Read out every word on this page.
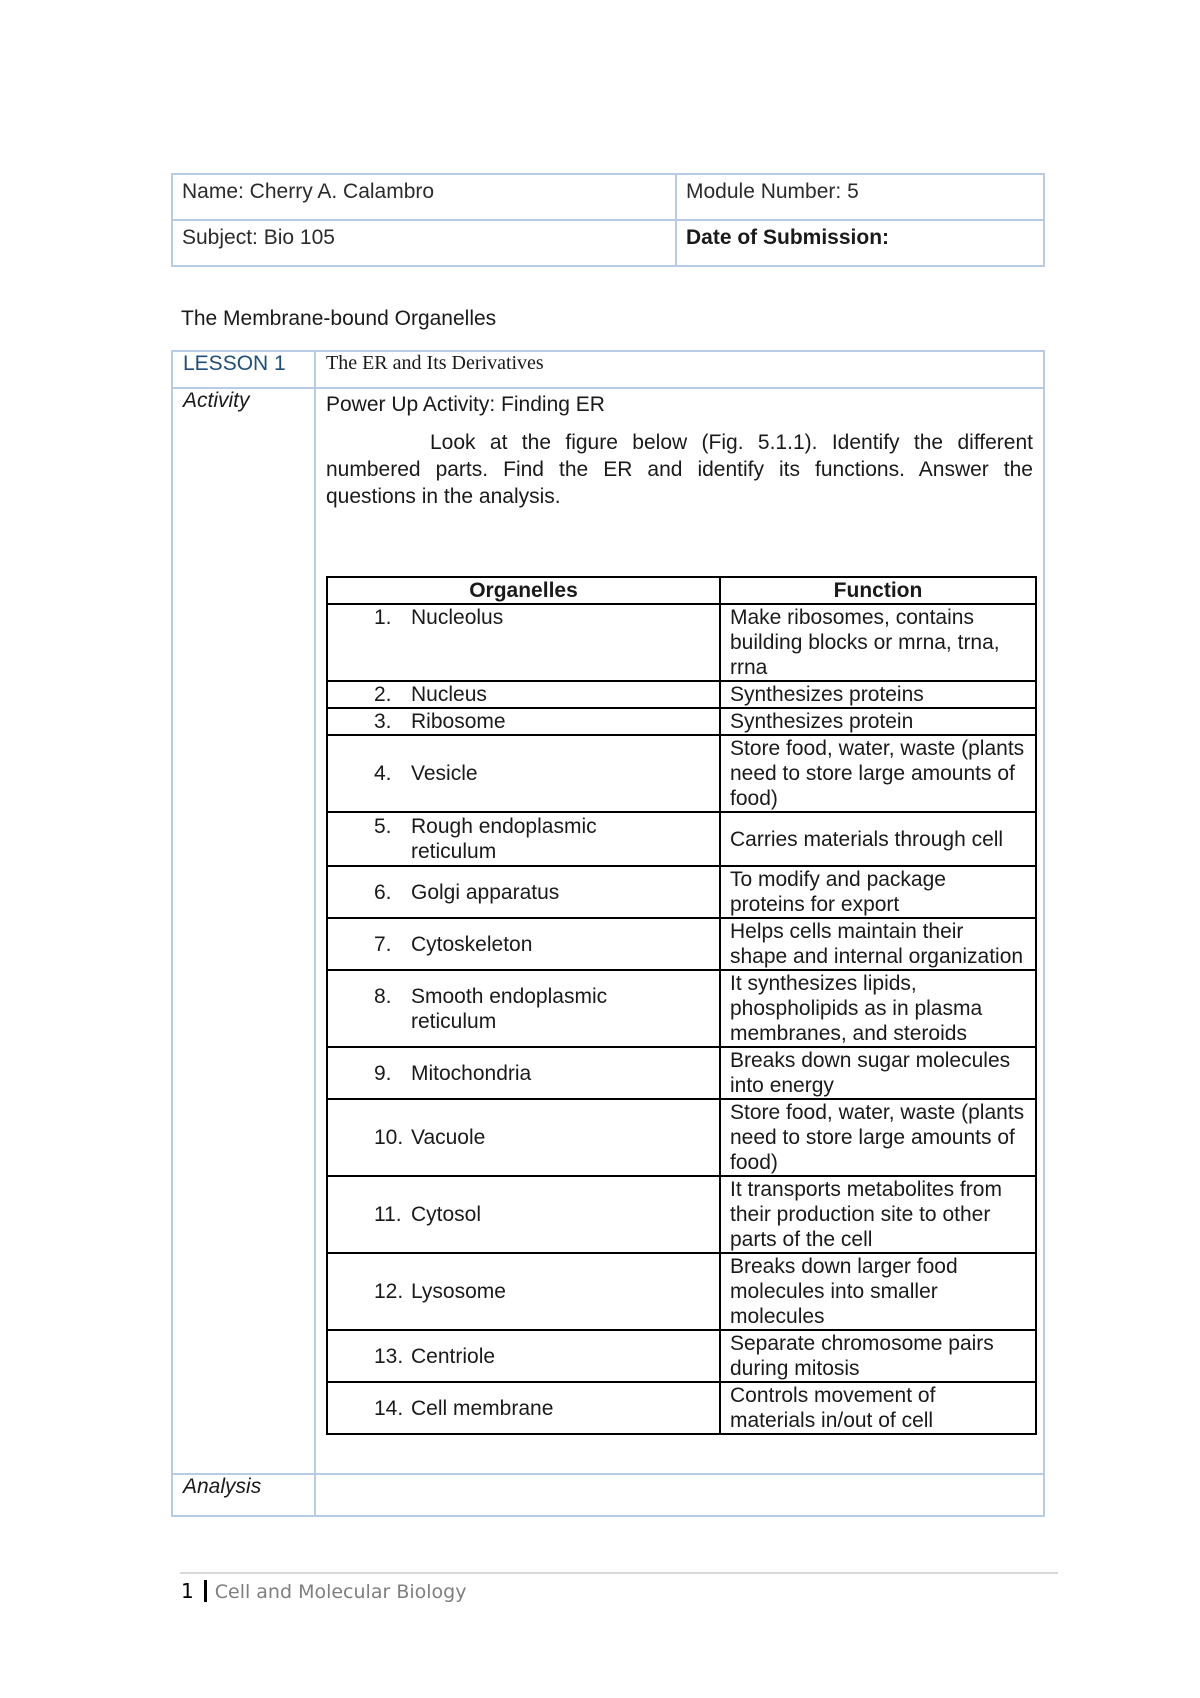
Name: Cherry A. Calambro	Module Number: 5
Subject: Bio 105	Date of Submission:
The Membrane-bound Organelles
LESSON 1	The ER and Its Derivatives
Activity	Power Up Activity: Finding ER
Look at the figure below (Fig. 5.1.1). Identify the different numbered parts. Find the ER and identify its functions. Answer the questions in the analysis.
Organelles	Function
1. Nucleolus	Make ribosomes, contains building blocks or mrna, trna, rrna
2. Nucleus	Synthesizes proteins
3. Ribosome	Synthesizes protein
4. Vesicle	Store food, water, waste (plants need to store large amounts of food)
5. Rough endoplasmic reticulum	Carries materials through cell
6. Golgi apparatus	To modify and package proteins for export
7. Cytoskeleton	Helps cells maintain their shape and internal organization
8. Smooth endoplasmic reticulum	It synthesizes lipids, phospholipids as in plasma membranes, and steroids
9. Mitochondria	Breaks down sugar molecules into energy
10. Vacuole	Store food, water, waste (plants need to store large amounts of food)
11. Cytosol	It transports metabolites from their production site to other parts of the cell
12. Lysosome	Breaks down larger food molecules into smaller molecules
13. Centriole	Separate chromosome pairs during mitosis
14. Cell membrane	Controls movement of materials in/out of cell

Analysis	
1 Cell and Molecular Biology
